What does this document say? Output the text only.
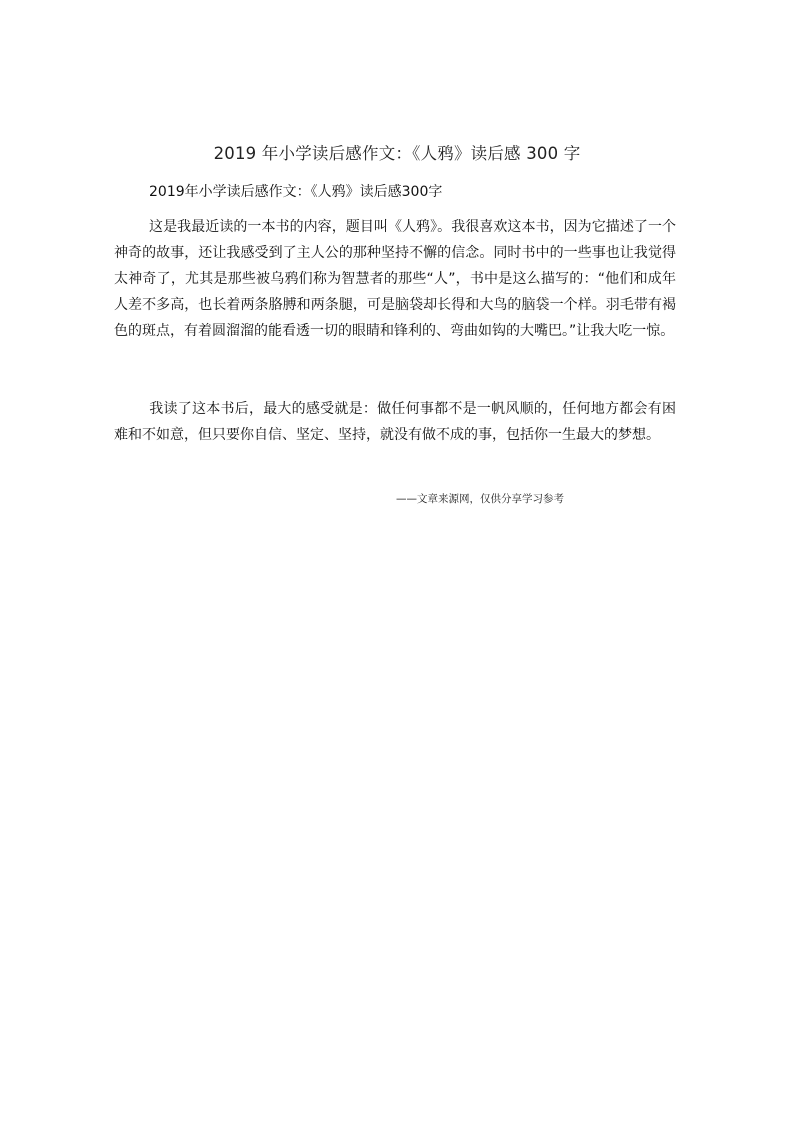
2019 年小学读后感作文：《人鸦》读后感 300 字
2019年小学读后感作文：《人鸦》读后感300字
这是我最近读的一本书的内容，题目叫《人鸦》。我很喜欢这本书，因为它描述了一个神奇的故事，还让我感受到了主人公的那种坚持不懈的信念。同时书中的一些事也让我觉得太神奇了，尤其是那些被乌鸦们称为智慧者的那些“人”，书中是这么描写的：“他们和成年人差不多高，也长着两条胳膊和两条腿，可是脑袋却长得和大鸟的脑袋一个样。羽毛带有褐色的斑点，有着圆溜溜的能看透一切的眼睛和锋利的、弯曲如钩的大嘴巴。”让我大吃一惊。
我读了这本书后，最大的感受就是：做任何事都不是一帆风顺的，任何地方都会有困难和不如意，但只要你自信、坚定、坚持，就没有做不成的事，包括你一生最大的梦想。
——文章来源网，仅供分享学习参考
